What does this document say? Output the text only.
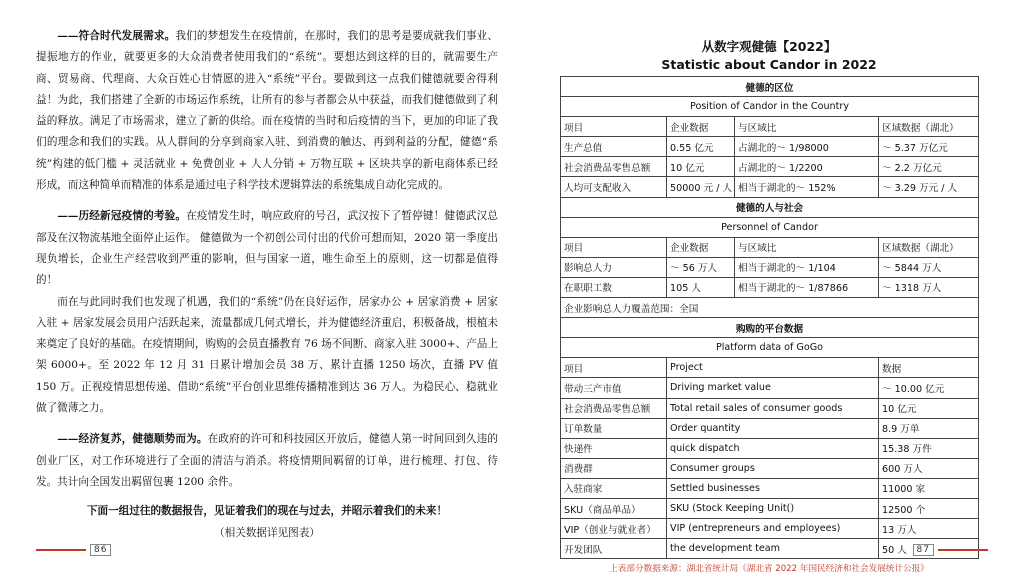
——符合时代发展需求。我们的梦想发生在疫情前，在那时，我们的思考是要成就我们事业、提振地方的作业，就要更多的大众消费者使用我们的“系统”。要想达到这样的目的，就需要生产商、贸易商、代理商、大众百姓心甘情愿的进入“系统”平台。要做到这一点我们健德就要舍得利益！为此，我们搭建了全新的市场运作系统，让所有的参与者都会从中获益，而我们健德做到了利益的释放。满足了市场需求，建立了新的供给。而在疫情的当时和后疫情的当下，更加的印证了我们的理念和我们的实践。从人群间的分享到商家入驻、到消费的触达、再到利益的分配，健德“系统”构建的低门槛 + 灵活就业 + 免费创业 + 人人分销 + 万物互联 + 区块共享的新电商体系已经形成，而这种简单而精准的体系是通过电子科学技术逻辑算法的系统集成自动化完成的。

——历经新冠疫情的考验。在疫情发生时，响应政府的号召，武汉按下了暂停键！健德武汉总部及在汉物流基地全面停止运作。 健德做为一个初创公司付出的代价可想而知，2020 第一季度出现负增长，企业生产经营收到严重的影响，但与国家一道，唯生命至上的原则，这一切都是值得的！

而在与此同时我们也发现了机遇，我们的“系统”仍在良好运作，居家办公 + 居家消费 + 居家入驻 + 居家发展会员用户活跃起来，流量都成几何式增长，并为健德经济重启，积极备战，根植未来奠定了良好的基础。在疫情期间，购购的会员直播教育 76 场不间断、商家入驻 3000+、产品上架 6000+。至 2022 年 12 月 31 日累计增加会员 38 万、累计直播 1250 场次，直播 PV 值 150 万。正视疫情思想传递、借助“系统”平台创业思维传播精准到达 36 万人。为稳民心、稳就业做了微薄之力。

——经济复苏，健德顺势而为。在政府的许可和科技园区开放后，健德人第一时间回到久违的创业厂区，对工作环境进行了全面的清洁与消杀。将疫情期间羁留的订单，进行梳理、打包、待发。共计向全国发出羁留包裹 1200 余件。

下面一组过往的数据报告，见证着我们的现在与过去，并昭示着我们的未来！
（相关数据详见图表）
86
从数字观健德【2022】
Statistic about Candor in 2022
健德的区位			
Position of Candor in the Country			
项目	企业数据	与区域比	区域数据（湖北）
生产总值	0.55 亿元	占湖北的～ 1/98000	～ 5.37 万亿元
社会消费品零售总额	10 亿元	占湖北的～ 1/2200	～ 2.2 万亿元
人均可支配收入	50000 元 / 人	相当于湖北的～ 152%	～ 3.29 万元 / 人
健德的人与社会			
Personnel of Candor			
项目	企业数据	与区域比	区域数据（湖北）
影响总人力	～ 56 万人	相当于湖北的～ 1/104	～ 5844 万人
在职职工数	105 人	相当于湖北的～ 1/87866	～ 1318 万人
企业影响总人力覆盖范围：全国			
购购的平台数据			
Platform data of GoGo			
项目	Project		数据
带动三产市值	Driving market value		～ 10.00 亿元
社会消费品零售总额	Total retail sales of consumer goods		10 亿元
订单数量	Order quantity		8.9 万单
快递件	quick dispatch		15.38 万件
消费群	Consumer groups		600 万人
入驻商家	Settled businesses		11000 家
SKU（商品单品）	SKU (Stock Keeping Unit()		12500 个
VIP（创业与就业者）	VIP (entrepreneurs and employees)		13 万人
开发团队	the development team		50 人
上表部分数据来源：湖北省统计局《湖北省 2022 年国民经济和社会发展统计公报》
87
